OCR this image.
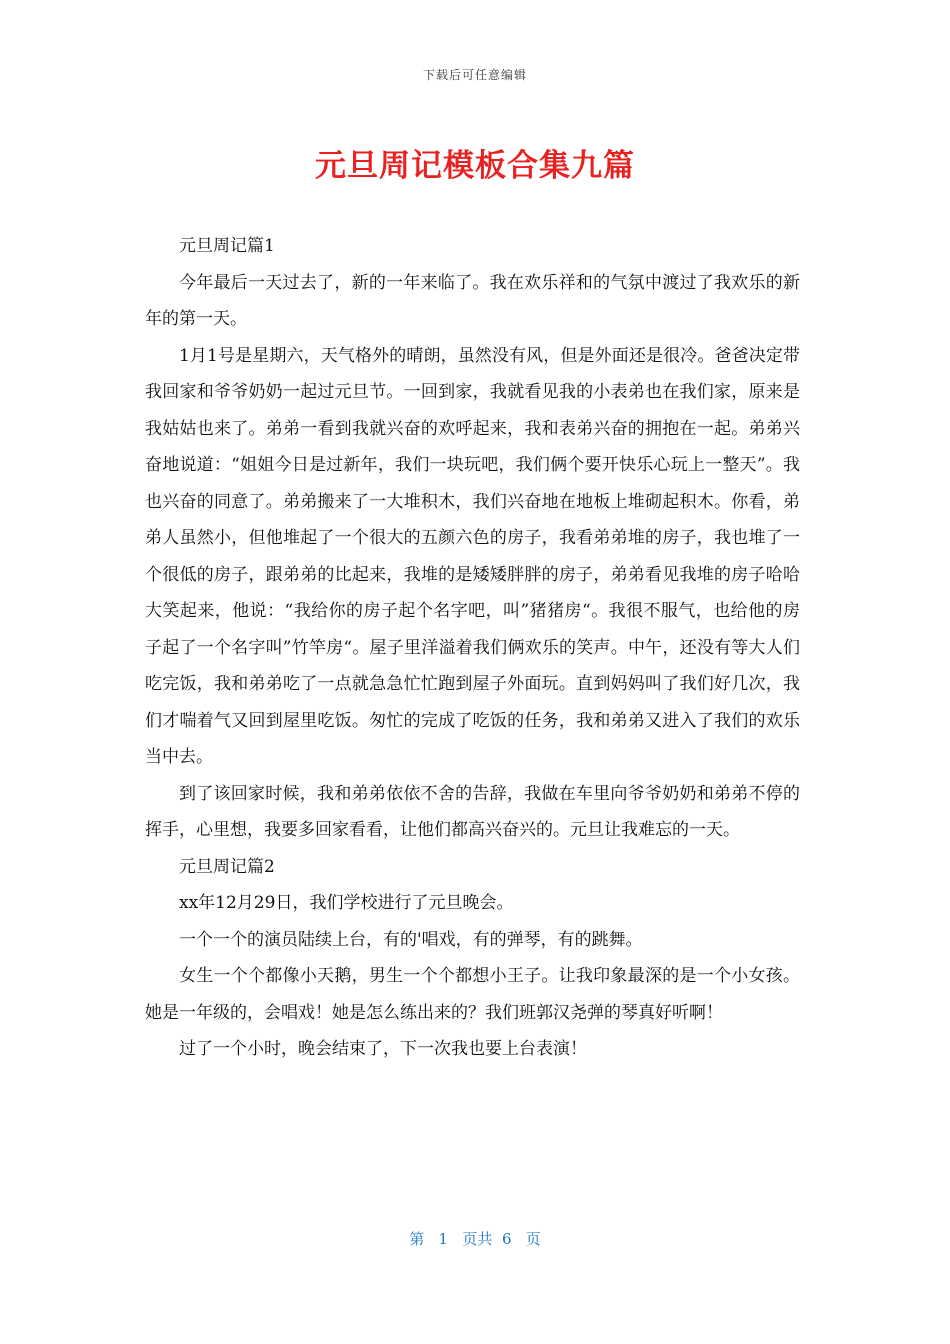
下载后可任意编辑
元旦周记模板合集九篇

元旦周记篇1

今年最后一天过去了，新的一年来临了。我在欢乐祥和的气氛中渡过了我欢乐的新年的第一天。

1月1号是星期六，天气格外的晴朗，虽然没有风，但是外面还是很冷。爸爸决定带我回家和爷爷奶奶一起过元旦节。一回到家，我就看见我的小表弟也在我们家，原来是我姑姑也来了。弟弟一看到我就兴奋的欢呼起来，我和表弟兴奋的拥抱在一起。弟弟兴奋地说道：“姐姐今日是过新年，我们一块玩吧，我们俩个要开快乐心玩上一整天”。我也兴奋的同意了。弟弟搬来了一大堆积木，我们兴奋地在地板上堆砌起积木。你看，弟弟人虽然小，但他堆起了一个很大的五颜六色的房子，我看弟弟堆的房子，我也堆了一个很低的房子，跟弟弟的比起来，我堆的是矮矮胖胖的房子，弟弟看见我堆的房子哈哈大笑起来，他说：“我给你的房子起个名字吧，叫”猪猪房“。我很不服气，也给他的房子起了一个名字叫”竹竿房“。屋子里洋溢着我们俩欢乐的笑声。中午，还没有等大人们吃完饭，我和弟弟吃了一点就急急忙忙跑到屋子外面玩。直到妈妈叫了我们好几次，我们才喘着气又回到屋里吃饭。匆忙的完成了吃饭的任务，我和弟弟又进入了我们的欢乐当中去。

到了该回家时候，我和弟弟依依不舍的告辞，我做在车里向爷爷奶奶和弟弟不停的挥手，心里想，我要多回家看看，让他们都高兴奋兴的。元旦让我难忘的一天。

元旦周记篇2

xx年12月29日，我们学校进行了元旦晚会。

一个一个的演员陆续上台，有的'唱戏，有的弹琴，有的跳舞。

女生一个个都像小天鹅，男生一个个都想小王子。让我印象最深的是一个小女孩。她是一年级的，会唱戏！她是怎么练出来的？我们班郭汉尧弹的琴真好听啊！

过了一个小时，晚会结束了，下一次我也要上台表演！

第 1 页共 6 页
